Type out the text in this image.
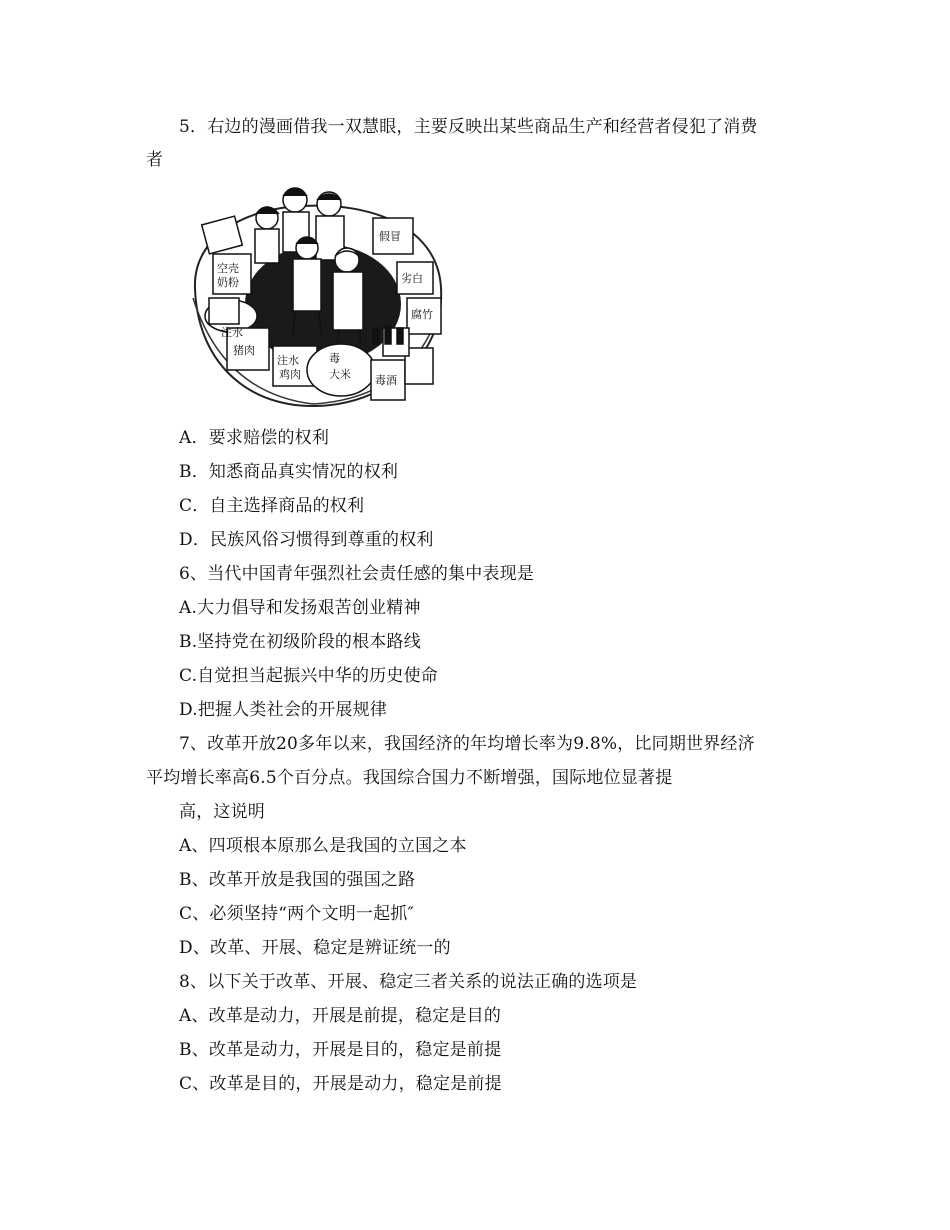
5．右边的漫画借我一双慧眼，主要反映出某些商品生产和经营者侵犯了消费
者
空壳
奶粉
注水
猪肉
注水
鸡肉
毒
大米 毒酒
劣白
腐竹
假冒
A．要求赔偿的权利
B．知悉商品真实情况的权利
C．自主选择商品的权利
D．民族风俗习惯得到尊重的权利
6、当代中国青年强烈社会责任感的集中表现是
A.大力倡导和发扬艰苦创业精神
B.坚持党在初级阶段的根本路线
C.自觉担当起振兴中华的历史使命
D.把握人类社会的开展规律
7、改革开放20多年以来，我国经济的年均增长率为9.8%，比同期世界经济
平均增长率高6.5个百分点。我国综合国力不断增强，国际地位显著提
高，这说明
A、四项根本原那么是我国的立国之本
B、改革开放是我国的强国之路
C、必须坚持“两个文明一起抓″
D、改革、开展、稳定是辨证统一的
8、以下关于改革、开展、稳定三者关系的说法正确的选项是
A、改革是动力，开展是前提，稳定是目的
B、改革是动力，开展是目的，稳定是前提
C、改革是目的，开展是动力，稳定是前提
